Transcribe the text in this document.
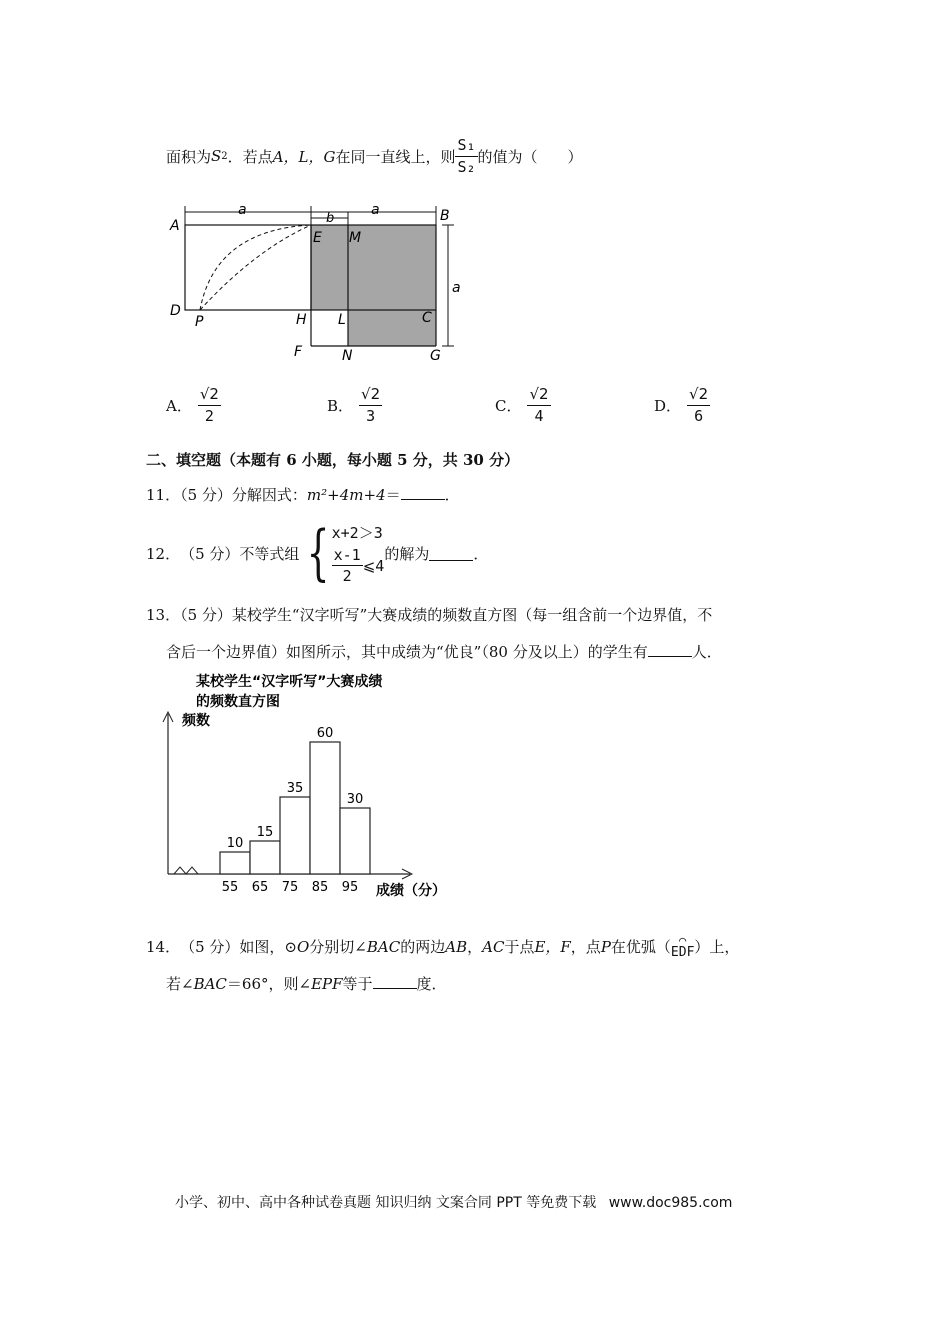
面积为 S 2 ．若点 A，L，G 在同一直线上，则 $\frac{\text{S₁}}{\text{S₂}}$ 的值为（　　）
A
B
C
D
E
F	G
H L
M
N
P
a	a
b
a
A． $\frac{√2}{2}$	B． $\frac{√2}{3}$	C． $\frac{√2}{4}$	D． $\frac{√2}{6}$
二、填空题（本题有 6 小题，每小题 5 分，共 30 分）
11．（5 分）分解因式：m²+4m+4＝	．
12． （5 分） 不等式组 { x+2＞3
$\frac{x-1}{2}$ ⩽4
的解为	．
13．（5 分）某校学生“汉字听写”大赛成绩的频数直方图（每一组含前一个边界值，不
含后一个边界值）如图所示，其中成绩为“优良”（80 分及以上）的学生有	人．
某校学生“汉字听写”大赛成绩
的频数直方图
频数
10
15
35
60
30
55 65 75 85 95 成绩（分）
14． （5 分） 如图， ⊙O 分别切∠ BAC 的两边 AB ， AC 于点 E，F ，点 P 在优弧（ ⌒
EDF ）上，
若∠BAC＝66°，则∠EPF等于	度．
小学、初中、高中各种试卷真题 知识归纳 文案合同 PPT 等免费下载 www.doc985.com
